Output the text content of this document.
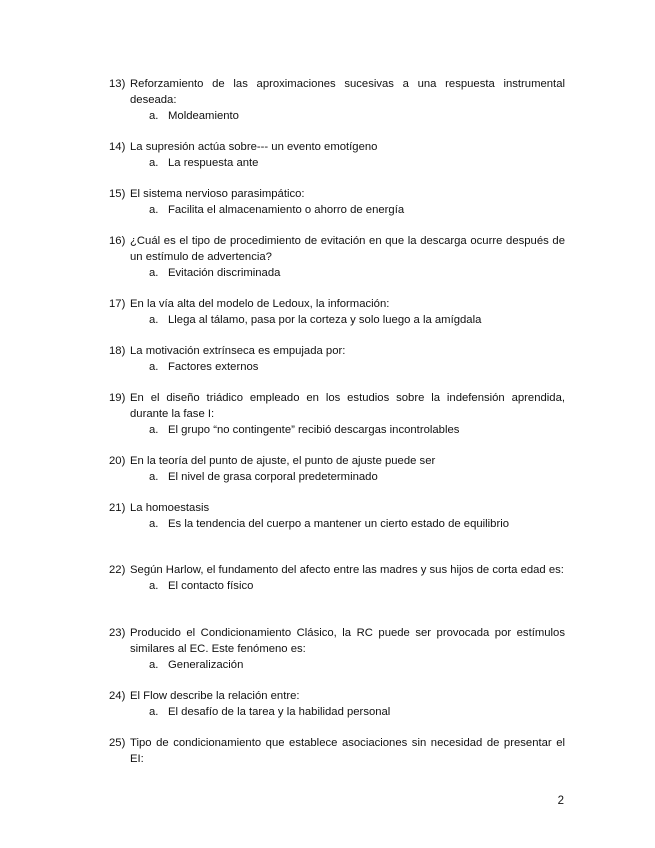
13) Reforzamiento de las aproximaciones sucesivas a una respuesta instrumental deseada:
a. Moldeamiento
14) La supresión actúa sobre--- un evento emotígeno
a. La respuesta ante
15) El sistema nervioso parasimpático:
a. Facilita el almacenamiento o ahorro de energía
16) ¿Cuál es el tipo de procedimiento de evitación en que la descarga ocurre después de un estímulo de advertencia?
a. Evitación discriminada
17) En la vía alta del modelo de Ledoux, la información:
a. Llega al tálamo, pasa por la corteza y solo luego a la amígdala
18) La motivación extrínseca es empujada por:
a. Factores externos
19) En el diseño triádico empleado en los estudios sobre la indefensión aprendida, durante la fase I:
a. El grupo “no contingente” recibió descargas incontrolables
20) En la teoría del punto de ajuste, el punto de ajuste puede ser
a. El nivel de grasa corporal predeterminado
21) La homoestasis
a. Es la tendencia del cuerpo a mantener un cierto estado de equilibrio
22) Según Harlow, el fundamento del afecto entre las madres y sus hijos de corta edad es:
a. El contacto físico
23) Producido el Condicionamiento Clásico, la RC puede ser provocada por estímulos similares al EC. Este fenómeno es:
a. Generalización
24) El Flow describe la relación entre:
a. El desafío de la tarea y la habilidad personal
25) Tipo de condicionamiento que establece asociaciones sin necesidad de presentar el EI:
2
